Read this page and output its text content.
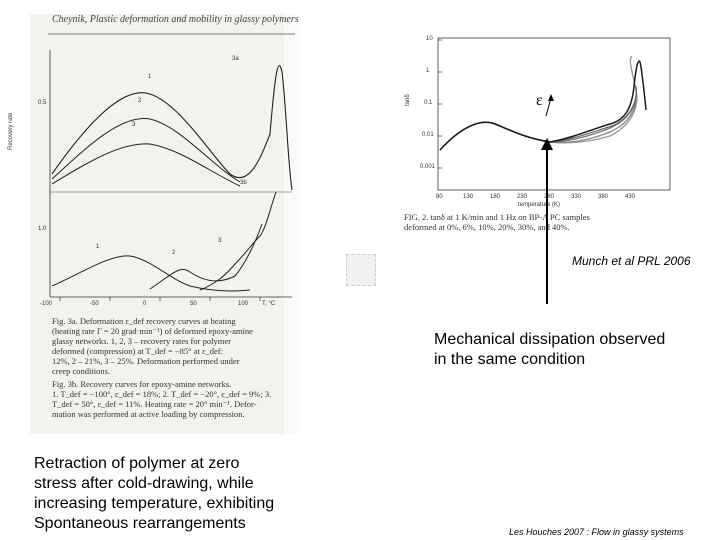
Cheynik, Plastic deformation and mobility in glassy polymers
Recovery rate
0.5
1.0
3a
3b
1
2
3
1
2
3
-100	-50	0	50	100 T, °C
Fig. 3a. Deformation ε_def recovery curves at heating
(heating rate Γ = 20 grad·min⁻¹) of deformed epoxy-amine
glassy networks. 1, 2, 3 – recovery rates for polymer
deformed (compression) at T_def = −85° at ε_def:
12%, 2 – 21%, 3 – 25%. Deformation performed under
creep conditions.
Fig. 3b. Recovery curves for epoxy-amine networks.
1. T_def = −100°, ε_def = 18%; 2. T_def = −20°, ε_def = 9%; 3.
T_def = 50°, ε_def = 11%. Heating rate = 20° min⁻¹. Defor-
mation was performed at active loading by compression.
tanδ
10
1
0.1
0.01
0.001
80	130	180	230	280	330	380	430
temperature (K)
ε
FIG. 2. tanδ at 1 K/min and 1 Hz on BP-A PC samples
deformed at 0%, 6%, 10%, 20%, 30%, and 40%.
Munch et al PRL 2006
Mechanical dissipation observed
in the same condition
Retraction of polymer at zero
stress after cold-drawing, while
increasing temperature, exhibiting
Spontaneous rearrangements	Les Houches 2007 : Flow in glassy systems
